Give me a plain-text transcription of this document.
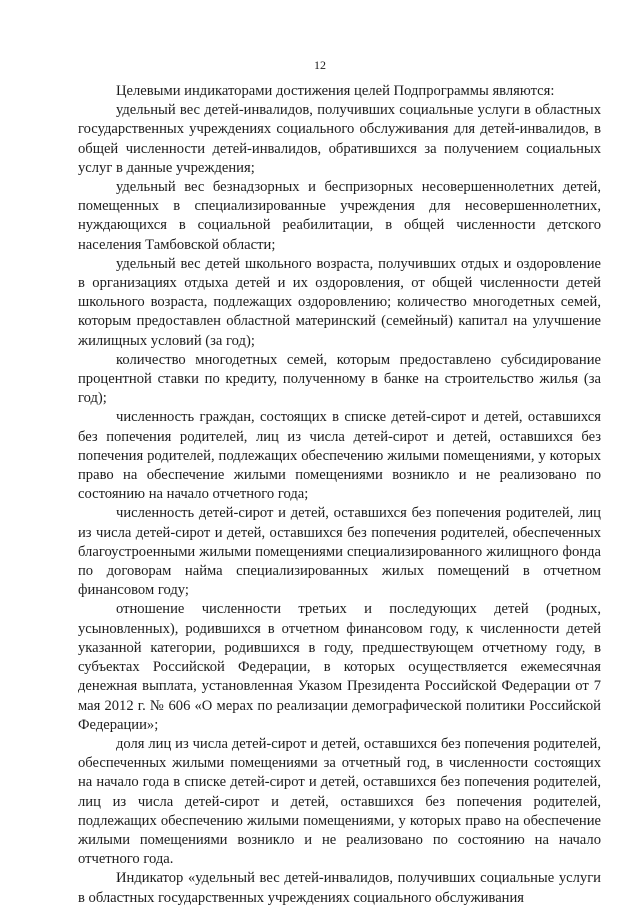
12

Целевыми индикаторами достижения целей Подпрограммы являются:

удельный вес детей-инвалидов, получивших социальные услуги в областных государственных учреждениях социального обслуживания для детей-инвалидов, в общей численности детей-инвалидов, обратившихся за получением социальных услуг в данные учреждения;

удельный вес безнадзорных и беспризорных несовершеннолетних детей, помещенных в специализированные учреждения для несовершеннолетних, нуждающихся в социальной реабилитации, в общей численности детского населения Тамбовской области;

удельный вес детей школьного возраста, получивших отдых и оздоровление в организациях отдыха детей и их оздоровления, от общей численности детей школьного возраста, подлежащих оздоровлению; количество многодетных семей, которым предоставлен областной материнский (семейный) капитал на улучшение жилищных условий (за год);

количество многодетных семей, которым предоставлено субсидирование процентной ставки по кредиту, полученному в банке на строительство жилья (за год);

численность граждан, состоящих в списке детей-сирот и детей, оставшихся без попечения родителей, лиц из числа детей-сирот и детей, оставшихся без попечения родителей, подлежащих обеспечению жилыми помещениями, у которых право на обеспечение жилыми помещениями возникло и не реализовано по состоянию на начало отчетного года;

численность детей-сирот и детей, оставшихся без попечения родителей, лиц из числа детей-сирот и детей, оставшихся без попечения родителей, обеспеченных благоустроенными жилыми помещениями специализированного жилищного фонда по договорам найма специализированных жилых помещений в отчетном финансовом году;

отношение численности третьих и последующих детей (родных, усыновленных), родившихся в отчетном финансовом году, к численности детей указанной категории, родившихся в году, предшествующем отчетному году, в субъектах Российской Федерации, в которых осуществляется ежемесячная денежная выплата, установленная Указом Президента Российской Федерации от 7 мая 2012 г. № 606 «О мерах по реализации демографической политики Российской Федерации»;

доля лиц из числа детей-сирот и детей, оставшихся без попечения родителей, обеспеченных жилыми помещениями за отчетный год, в численности состоящих на начало года в списке детей-сирот и детей, оставшихся без попечения родителей, лиц из числа детей-сирот и детей, оставшихся без попечения родителей, подлежащих обеспечению жилыми помещениями, у которых право на обеспечение жилыми помещениями возникло и не реализовано по состоянию на начало отчетного года.

Индикатор «удельный вес детей-инвалидов, получивших социальные услуги в областных государственных учреждениях социального обслуживания
